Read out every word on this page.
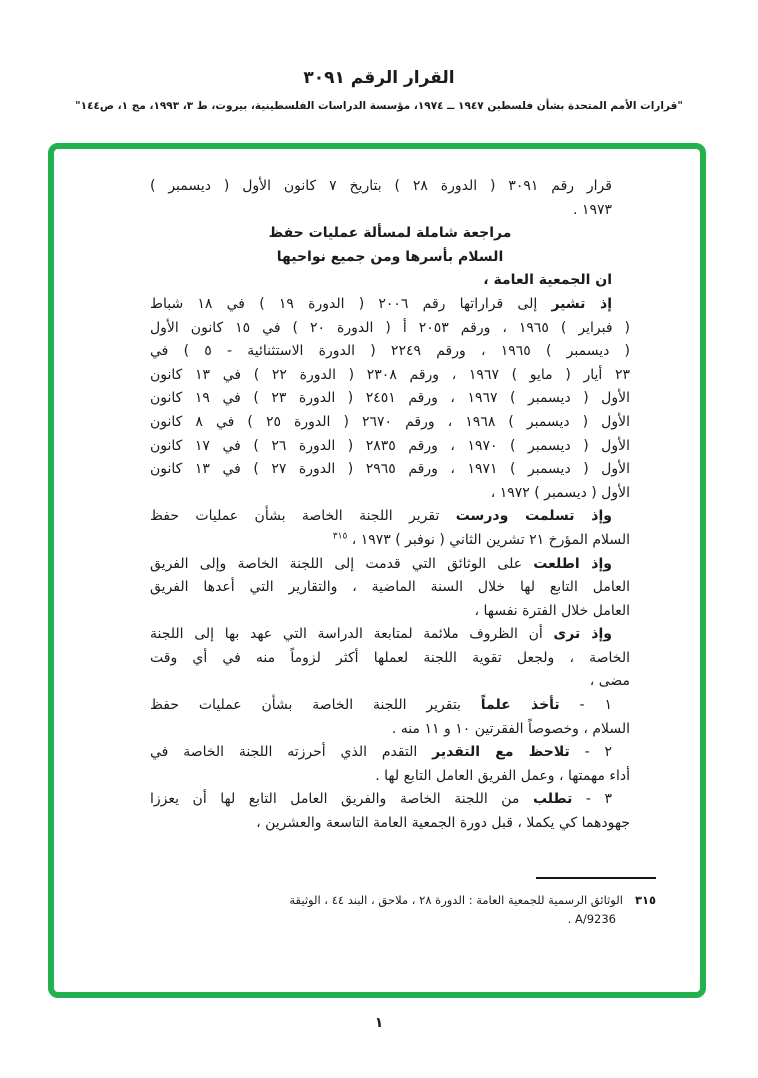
القرار الرقم ٣٠٩١
"قرارات الأمم المتحدة بشأن فلسطين ١٩٤٧ ــ ١٩٧٤، مؤسسة الدراسات الفلسطينية، بيروت، ط ٣، ١٩٩٣، مج ١، ص١٤٤"
قرار رقم ٣٠٩١ ( الدورة ٢٨ ) بتاريخ ٧ كانون الأول ( ديسمبر )
١٩٧٣ .
مراجعة شاملة لمسألة عمليات حفظ
السلام بأسرها ومن جميع نواحيها
ان الجمعية العامة ،
إذ تشير إلى قراراتها رقم ٢٠٠٦ ( الدورة ١٩ ) في ١٨ شباط
( فبراير ) ١٩٦٥ ، ورقم ٢٠٥٣ أ ( الدورة ٢٠ ) في ١٥ كانون الأول
( ديسمبر ) ١٩٦٥ ، ورقم ٢٢٤٩ ( الدورة الاستثنائية - ٥ ) في
٢٣ أيار ( مايو ) ١٩٦٧ ، ورقم ٢٣٠٨ ( الدورة ٢٢ ) في ١٣ كانون
الأول ( ديسمبر ) ١٩٦٧ ، ورقم ٢٤٥١ ( الدورة ٢٣ ) في ١٩ كانون
الأول ( ديسمبر ) ١٩٦٨ ، ورقم ٢٦٧٠ ( الدورة ٢٥ ) في ٨ كانون
الأول ( ديسمبر ) ١٩٧٠ ، ورقم ٢٨٣٥ ( الدورة ٢٦ ) في ١٧ كانون
الأول ( ديسمبر ) ١٩٧١ ، ورقم ٢٩٦٥ ( الدورة ٢٧ ) في ١٣ كانون
الأول ( ديسمبر ) ١٩٧٢ ،
وإذ تسلمت ودرست تقرير اللجنة الخاصة بشأن عمليات حفظ
السلام المؤرخ ٢١ تشرين الثاني ( نوفبر ) ١٩٧٣ ، $^{٣١٥}$
وإذ اطلعت على الوثائق التي قدمت إلى اللجنة الخاصة وإلى الفريق
العامل التابع لها خلال السنة الماضية ، والتقارير التي أعدها الفريق
العامل خلال الفترة نفسها ،
وإذ ترى أن الظروف ملائمة لمتابعة الدراسة التي عهد بها إلى اللجنة
الخاصة ، ولجعل تقوية اللجنة لعملها أكثر لزوماً منه في أي وقت
مضى ،
١ - تأخذ علماً بتقرير اللجنة الخاصة بشأن عمليات حفظ
السلام ، وخصوصاً الفقرتين ١٠ و ١١ منه .
٢ - تلاحظ مع التقدير التقدم الذي أحرزته اللجنة الخاصة في
أداء مهمتها ، وعمل الفريق العامل التابع لها .
٣ - تطلب من اللجنة الخاصة والفريق العامل التابع لها أن يعززا
جهودهما كي يكملا ، قبل دورة الجمعية العامة التاسعة والعشرين ،
٣١٥الوثائق الرسمية للجمعية العامة : الدورة ٢٨ ، ملاحق ، البند ٤٤ ، الوثيقة
A/9236 .
١
